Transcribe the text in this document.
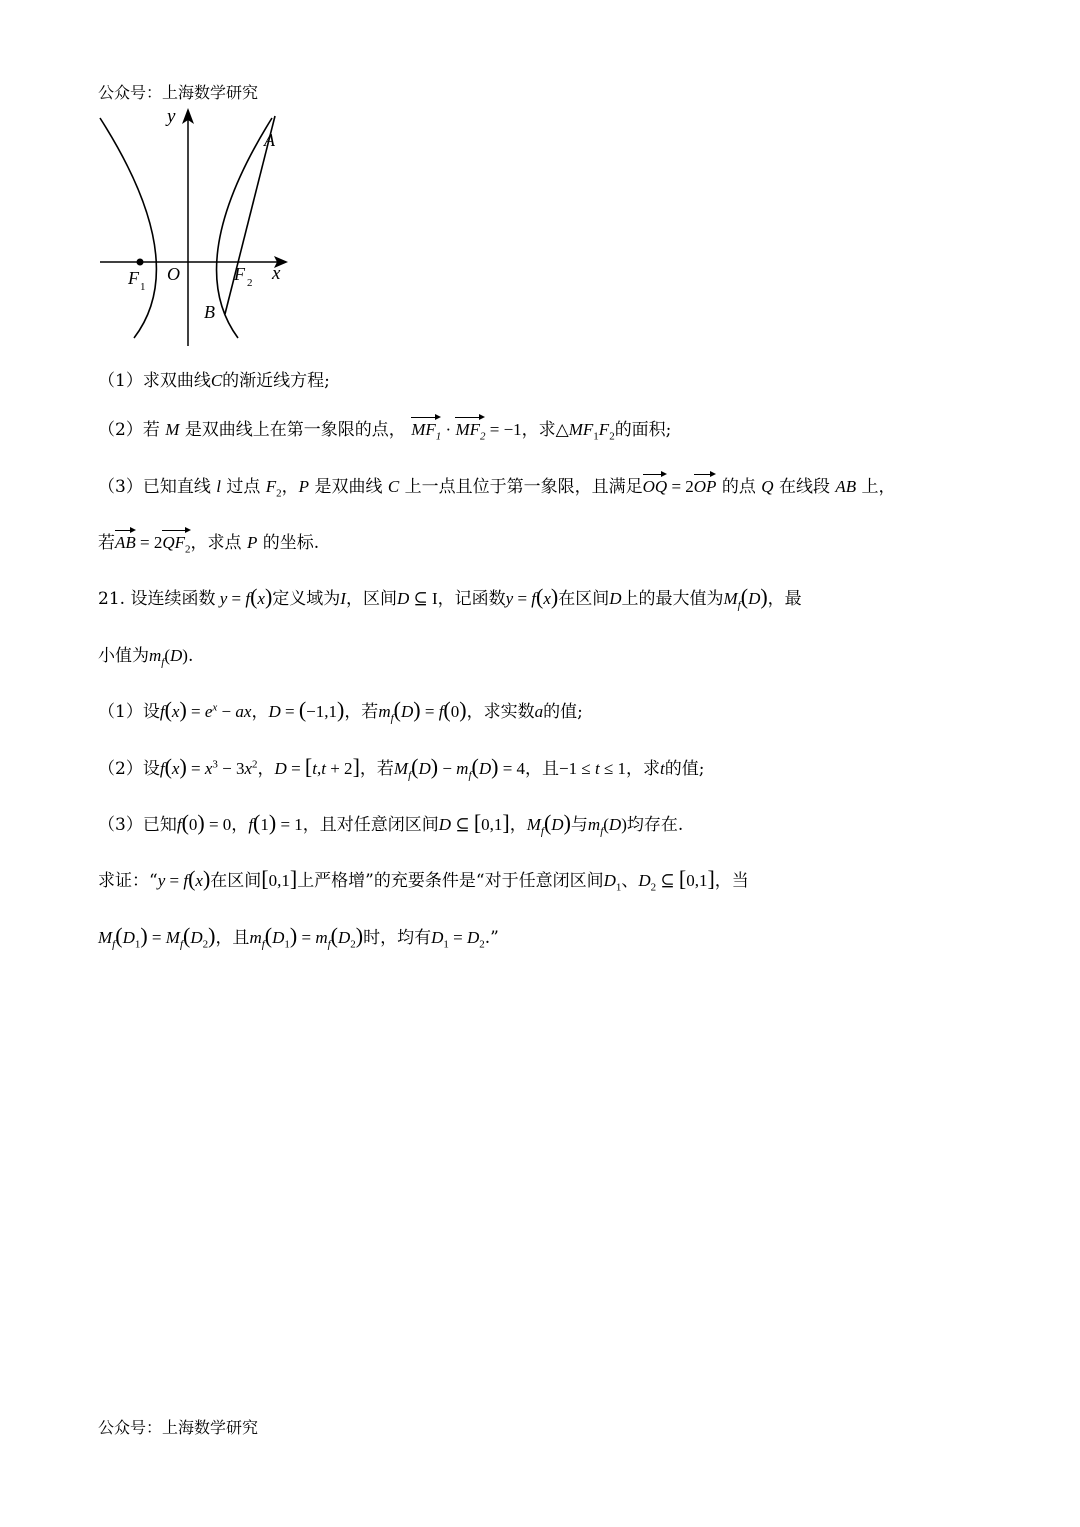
公众号：上海数学研究
A
B
y
x
O
F 1
F 2
（1）求双曲线C的渐近线方程;
（2）若 M 是双曲线上在第一象限的点， $MF_1 \cdot MF_2 = -1$，求$\triangle MF_1F_2$的面积;
（3）已知直线 l 过点 $F_2$，P 是双曲线 C 上一点且位于第一象限，且满足OQ = 2OP 的点 Q 在线段 AB 上，
若AB = $2QF_2$，求点 P 的坐标.
21. 设连续函数 y = f(x)定义域为I，区间D ⊆ I，记函数y = f(x)在区间D上的最大值为$M_f(D)$，最
小值为$m_f(D)$.
（1）设$f(x) = e^x$ − ax，D = (−1,1)，若$m_f(D) = f(0)$，求实数a的值;
（2）设$f(x) = x^3 - 3x^2$，D = [t,t + 2]，若$M_f(D) - m_f(D) = 4$，且−1 ≤ t ≤ 1，求t的值;
（3）已知f(0) = 0，f(1) = 1，且对任意闭区间D ⊆ [0,1]，$M_f(D)$与$m_f(D)$均存在.
求证：“y = f(x)在区间[0,1]上严格增”的充要条件是“对于任意闭区间$D_1$、$D_2$ ⊆ [0,1]，当
$M_f(D_1) = M_f(D_2)$，且$m_f(D_1) = m_f(D_2)$时，均有$D_1 = D_2$.”
公众号：上海数学研究
